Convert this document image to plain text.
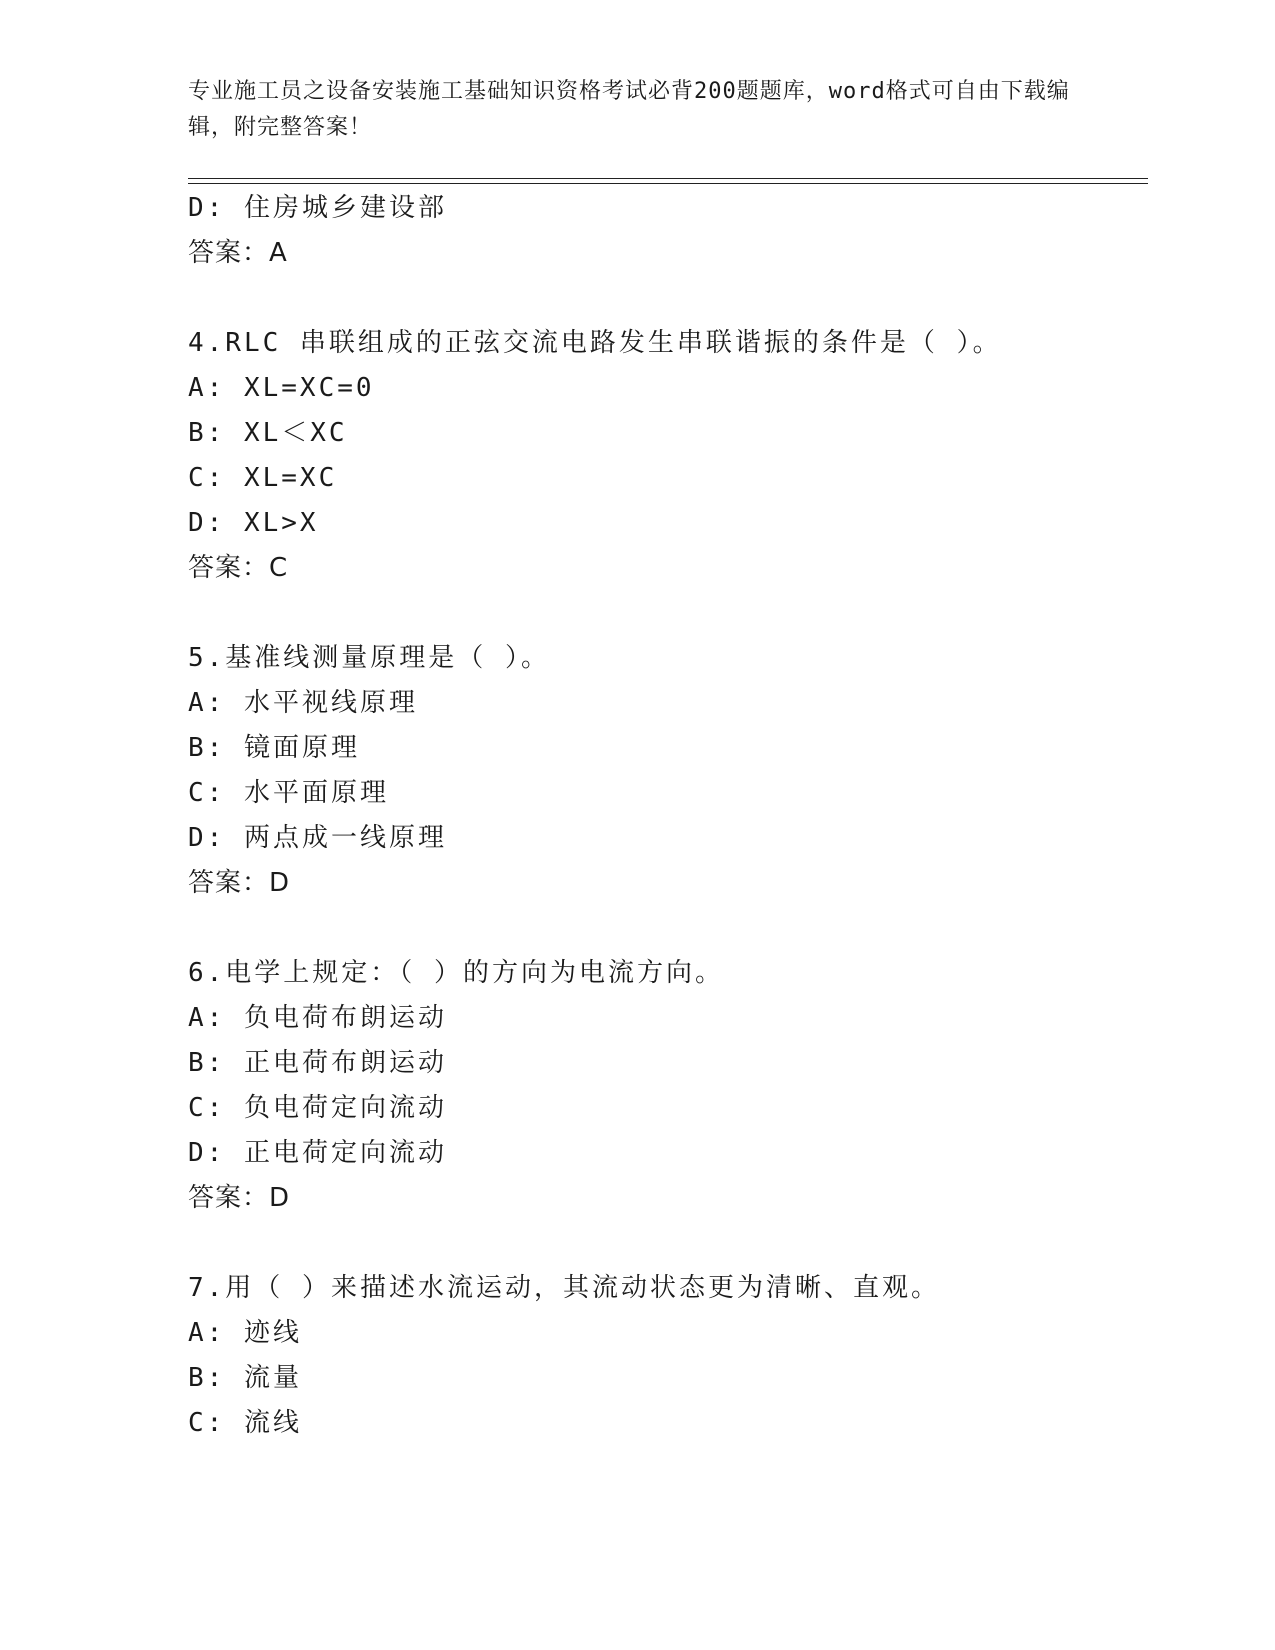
专业施工员之设备安装施工基础知识资格考试必背200题题库，word格式可自由下载编辑，附完整答案！
D: 住房城乡建设部
答案：A
4.RLC 串联组成的正弦交流电路发生串联谐振的条件是（ ）。
A: XL=XC=0
B: XL＜XC
C: XL=XC
D: XL>X
答案：C
5.基准线测量原理是（ ）。
A: 水平视线原理
B: 镜面原理
C: 水平面原理
D: 两点成一线原理
答案：D
6.电学上规定：（ ）的方向为电流方向。
A: 负电荷布朗运动
B: 正电荷布朗运动
C: 负电荷定向流动
D: 正电荷定向流动
答案：D
7.用（ ）来描述水流运动，其流动状态更为清晰、直观。
A: 迹线
B: 流量
C: 流线
